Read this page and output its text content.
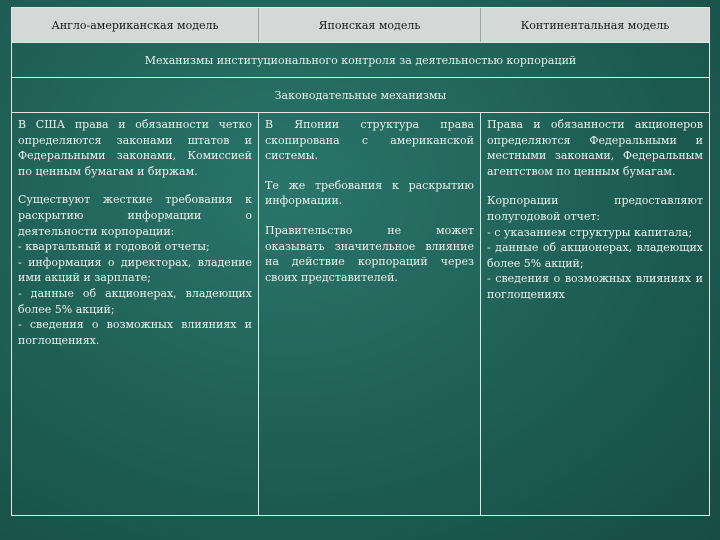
Англо-американская модель	Японская модель	Континентальная модель
Механизмы институционального контроля за деятельностью корпораций
Законодательные механизмы

В США права и обязанности четко определяются законами штатов и Федеральными законами, Комиссией по ценным бумагам и биржам.

Существуют жесткие требования к раскрытию информации о деятельности корпорации:

- квартальный и годовой отчеты;

- информация о директорах, владение ими акций и зарплате;

- данные об акционерах, владеющих более 5% акций;

- сведения о возможных влияниях и поглощениях.

В Японии структура права скопирована с американской системы.

Те же требования к раскрытию информации.

Правительство не может оказывать значительное влияние на действие корпораций через своих представителей.

Права и обязанности акционеров определяются Федеральными и местными законами, Федеральным агентством по ценным бумагам.

Корпорации предоставляют полугодовой отчет:

- с указанием структуры капитала;

- данные об акционерах, владеющих более 5% акций;

- сведения о возможных влияниях и поглощениях
